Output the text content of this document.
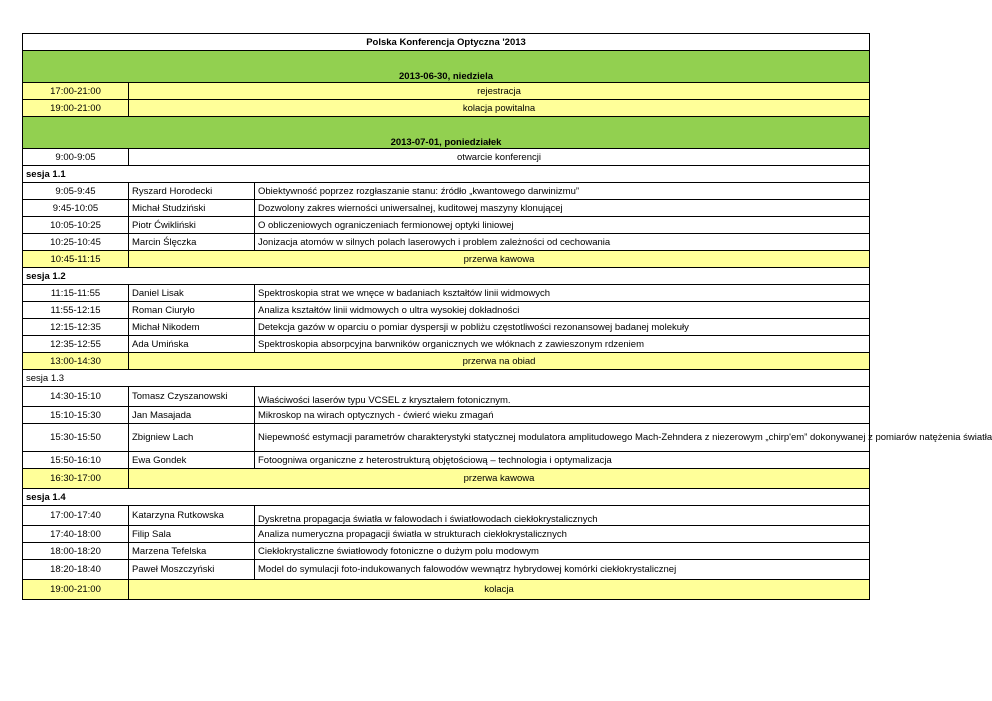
Polska Konferencja Optyczna '2013		
2013-06-30, niedziela		
17:00-21:00	rejestracja	
19:00-21:00	kolacja powitalna	
2013-07-01, poniedziałek		
9:00-9:05	otwarcie konferencji	
sesja 1.1		
9:05-9:45	Ryszard Horodecki	Obiektywność poprzez rozgłaszanie stanu: źródło „kwantowego darwinizmu”
9:45-10:05	Michał Studziński	Dozwolony zakres wierności uniwersalnej, kuditowej maszyny klonującej
10:05-10:25	Piotr Ćwikliński	O obliczeniowych ograniczeniach fermionowej optyki liniowej
10:25-10:45	Marcin Ślęczka	Jonizacja atomów w silnych polach laserowych i problem zależności od cechowania
10:45-11:15	przerwa kawowa	
sesja 1.2		
11:15-11:55	Daniel Lisak	Spektroskopia strat we wnęce w badaniach kształtów linii widmowych
11:55-12:15	Roman Ciuryło	Analiza kształtów linii widmowych o ultra wysokiej dokładności
12:15-12:35	Michał Nikodem	Detekcja gazów w oparciu o pomiar dyspersji w pobliżu częstotliwości rezonansowej badanej molekuły
12:35-12:55	Ada Umińska	Spektroskopia absorpcyjna barwników organicznych we włóknach z zawieszonym rdzeniem
13:00-14:30	przerwa na obiad	
sesja 1.3		
14:30-15:10	Tomasz Czyszanowski	Właściwości laserów typu VCSEL z kryształem fotonicznym.
15:10-15:30	Jan Masajada	Mikroskop na wirach optycznych - ćwierć wieku zmagań
15:30-15:50	Zbigniew Lach	Niepewność estymacji parametrów charakterystyki statycznej modulatora amplitudowego Mach-Zehndera z niezerowym „chirp'em” dokonywanej z pomiarów natężenia światła
15:50-16:10	Ewa Gondek	Fotoogniwa organiczne z heterostrukturą objętościową – technologia i optymalizacja
16:30-17:00	przerwa kawowa	
sesja 1.4		
17:00-17:40	Katarzyna Rutkowska	Dyskretna propagacja światła w falowodach i światłowodach ciekłokrystalicznych
17:40-18:00	Filip Sala	Analiza numeryczna propagacji światła w strukturach ciekłokrystalicznych
18:00-18:20	Marzena Tefelska	Ciekłokrystaliczne światłowody fotoniczne o dużym polu modowym
18:20-18:40	Paweł Moszczyński	Model do symulacji foto-indukowanych falowodów wewnątrz hybrydowej komórki ciekłokrystalicznej
19:00-21:00	kolacja	
